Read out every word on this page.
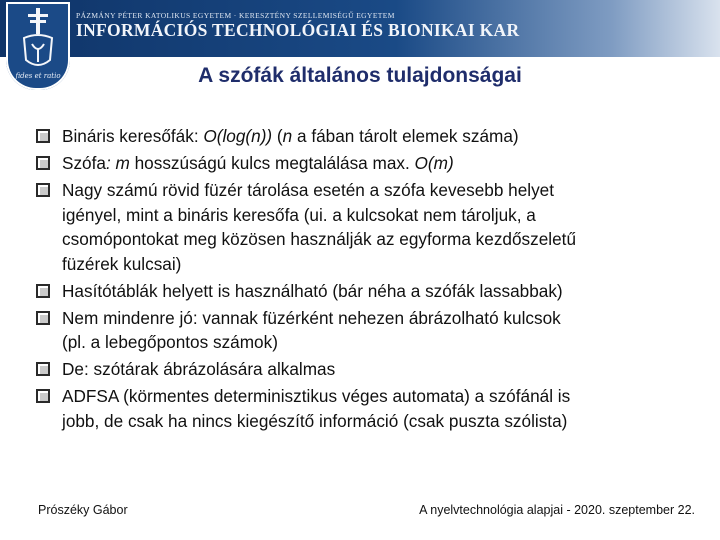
PÁZMÁNY PÉTER KATOLIKUS EGYETEM · KERESZTÉNY SZELLEMISÉGŰ EGYETEM
INFORMÁCIÓS TECHNOLÓGIAI ÉS BIONIKAI KAR
fides et ratio	A szófák általános tulajdonságai
Bináris keresőfák: O(log(n)) (n a fában tárolt elemek száma)
Szófa: m hosszúságú kulcs megtalálása max. O(m)
Nagy számú rövid füzér tárolása esetén a szófa kevesebb helyet
igényel, mint a bináris keresőfa (ui. a kulcsokat nem tároljuk, a
csomópontokat meg közösen használják az egyforma kezdőszeletű
füzérek kulcsai)
Hasítótáblák helyett is használható (bár néha a szófák lassabbak)
Nem mindenre jó: vannak füzérként nehezen ábrázolható kulcsok
(pl. a lebegőpontos számok)
De: szótárak ábrázolására alkalmas
ADFSA (körmentes determinisztikus véges automata) a szófánál is
jobb, de csak ha nincs kiegészítő információ (csak puszta szólista)
Prószéky Gábor	A nyelvtechnológia alapjai - 2020. szeptember 22.
